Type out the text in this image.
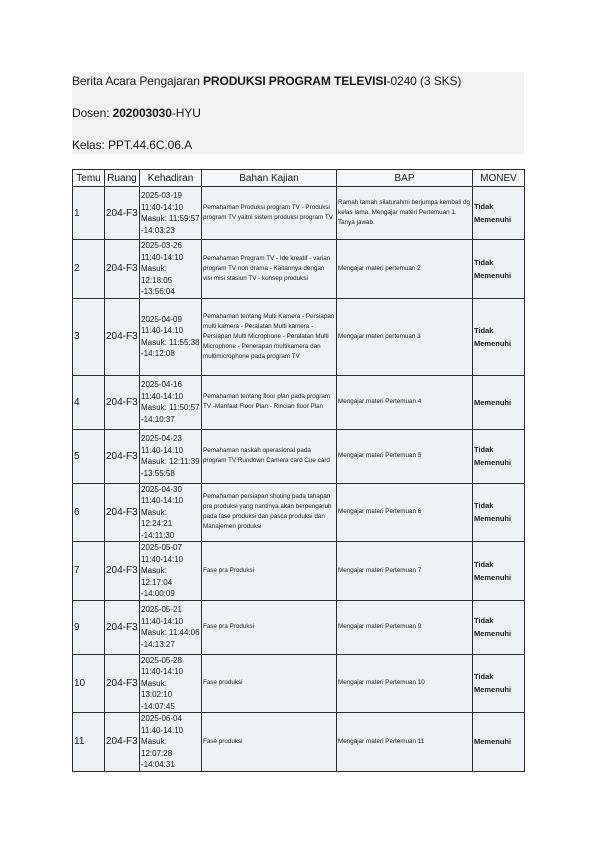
Berita Acara Pengajaran PRODUKSI PROGRAM TELEVISI-0240 (3 SKS)
Dosen: 202003030-HYU
Kelas: PPT.44.6C.06.A
Temu	Ruang	Kehadiran	Bahan Kajian	BAP	MONEV
1	204-F3	2025-03-19
11:40-14:10
Masuk: 11:59:57
-14:03:23	Pemahaman Produksi program TV - Produksi program TV yaitni sistem produksi program TV	Ramah tamah silaturahmi berjumpa kembali dg kelas lama. Mengajar materi Pertemuan 1. Tanya jawab.	Tidak Memenuhi
2	204-F3	2025-03-26
11:40-14:10
Masuk: 12:18:05
-13:56:04	Pemahaman Program TV - Ide kreatif - varian program TV non drama - Kaitannya dengan visi misi stasiun TV - konsep produksi	Mengajar materi pertemuan 2	Tidak Memenuhi
3	204-F3	2025-04-09
11:40-14:10
Masuk: 11:55:38
-14:12:08	Pemahaman tentang Multi Kamera - Persiapan multi kamera - Peralatan Multi kamera - Persiapan Multi Microphone - Peralatan Multi Microphone - Penerapan multikamera dan multimicrophone pada program TV	Mengajar materi pertemuan 3	Tidak Memenuhi
4	204-F3	2025-04-16
11:40-14:10
Masuk: 11:50:57
-14:10:37	Pemahaman tentang floor plan pada program TV -Manfaat Floor Plan - Rincian floor Plan	Mengajar materi Pertemuan 4	Memenuhi
5	204-F3	2025-04-23
11:40-14:10
Masuk: 12:11:39
-13:55:58	Pemahaman naskah operasional pada program TV Rundown Camera card Cue card	Mengajar materi Pertemuan 5	Tidak Memenuhi
6	204-F3	2025-04-30
11:40-14:10
Masuk: 12:24:21
-14:11:30	Pemahaman persiapan shoting pada tahapan pra produksi yang nantinya akan berpengaruh pada fase produksi dan pasca produksi dan Manajemen produksi	Mengajar materi Pertemuan 6	Tidak Memenuhi
7	204-F3	2025-05-07
11:40-14:10
Masuk: 12:17:04
-14:00:09	Fase pra Produksi	Mengajar materi Pertemuan 7	Tidak Memenuhi
9	204-F3	2025-05-21
11:40-14:10
Masuk: 11:44:06
-14:13:27	Fase pra Produksi	Mengajar materi Pertemuan 9	Tidak Memenuhi
10	204-F3	2025-05-28
11:40-14:10
Masuk: 13:02:10
-14:07:45	Fase produksi	Mengajar materi Pertemuan 10	Tidak Memenuhi
11	204-F3	2025-06-04
11:40-14:10
Masuk: 12:07:28
-14:04:31	Fase produksi	Mengajar materi Pertemuan 11	Memenuhi
